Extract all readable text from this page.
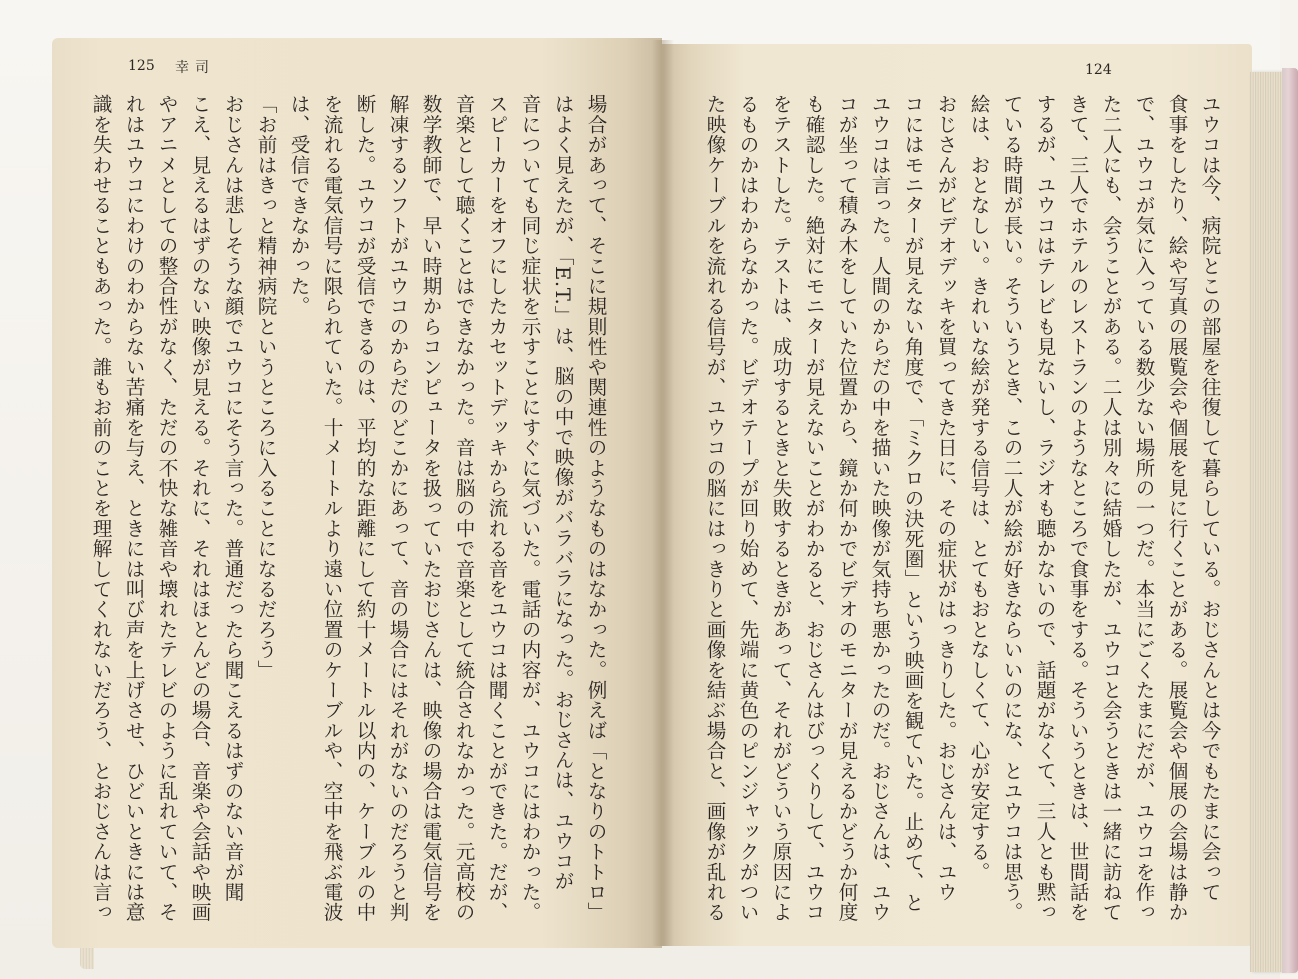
125 幸司	124
ユウコは今、病院とこの部屋を往復して暮らしている。おじさんとは今でもたまに会って
食事をしたり、絵や写真の展覧会や個展を見に行くことがある。展覧会や個展の会場は静か
で、ユウコが気に入っている数少ない場所の一つだ。本当にごくたまにだが、ユウコを作っ
た二人にも、会うことがある。二人は別々に結婚したが、ユウコと会うときは一緒に訪ねて
きて、三人でホテルのレストランのようなところで食事をする。そういうときは、世間話を
するが、ユウコはテレビも見ないし、ラジオも聴かないので、話題がなくて、三人とも黙っ
ている時間が長い。そういうとき、この二人が絵が好きならいいのにな、とユウコは思う。
絵は、おとなしい。きれいな絵が発する信号は、とてもおとなしくて、心が安定する。
おじさんがビデオデッキを買ってきた日に、その症状がはっきりした。おじさんは、ユウ
コにはモニターが見えない角度で、「ミクロの決死圏」という映画を観ていた。止めて、と
ユウコは言った。人間のからだの中を描いた映像が気持ち悪かったのだ。おじさんは、ユウ
コが坐って積み木をしていた位置から、鏡か何かでビデオのモニターが見えるかどうか何度
も確認した。絶対にモニターが見えないことがわかると、おじさんはびっくりして、ユウコ
をテストした。テストは、成功するときと失敗するときがあって、それがどういう原因によ
るものかはわからなかった。ビデオテープが回り始めて、先端に黄色のピンジャックがつい
た映像ケーブルを流れる信号が、ユウコの脳にはっきりと画像を結ぶ場合と、画像が乱れる
場合があって、そこに規則性や関連性のようなものはなかった。例えば「となりのトトロ」
はよく見えたが、「E.T.」は、脳の中で映像がバラバラになった。おじさんは、ユウコが
音についても同じ症状を示すことにすぐに気づいた。電話の内容が、ユウコにはわかった。
スピーカーをオフにしたカセットデッキから流れる音をユウコは聞くことができた。だが、
音楽として聴くことはできなかった。音は脳の中で音楽として統合されなかった。元高校の
数学教師で、早い時期からコンピュータを扱っていたおじさんは、映像の場合は電気信号を
解凍するソフトがユウコのからだのどこかにあって、音の場合にはそれがないのだろうと判
断した。ユウコが受信できるのは、平均的な距離にして約十メートル以内の、ケーブルの中
を流れる電気信号に限られていた。十メートルより遠い位置のケーブルや、空中を飛ぶ電波
は、受信できなかった。
「お前はきっと精神病院というところに入ることになるだろう」
おじさんは悲しそうな顔でユウコにそう言った。普通だったら聞こえるはずのない音が聞
こえ、見えるはずのない映像が見える。それに、それはほとんどの場合、音楽や会話や映画
やアニメとしての整合性がなく、ただの不快な雑音や壊れたテレビのように乱れていて、そ
れはユウコにわけのわからない苦痛を与え、ときには叫び声を上げさせ、ひどいときには意
識を失わせることもあった。誰もお前のことを理解してくれないだろう、とおじさんは言っ
